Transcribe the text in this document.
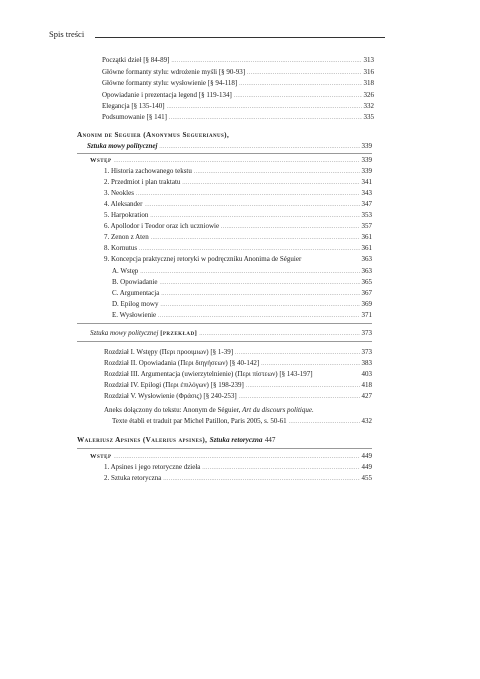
Spis treści
Początki dzieł [§ 84-89] .....	313
Główne formanty stylu: wdrożenie myśli [§ 90-93] .....	316
Główne formanty stylu: wysłowienie [§ 94-118] .....	318
Opowiadanie i prezentacja legend [§ 119-134] .....	326
Elegancja [§ 135-140] .....	332
Podsumowanie [§ 141] .....	335
Anonim de Seguier (Anonymus Seguerianus),
Sztuka mowy politycznej .....	339
Wstęp .....	339
1. Historia zachowanego tekstu .....	339
2. Przedmiot i plan traktatu .....	341
3. Neokles .....	343
4. Aleksander .....	347
5. Harpokration .....	353
6. Apollodor i Teodor oraz ich uczniowie .....	357
7. Zenon z Aten .....	361
8. Kornutus .....	361
9. Koncepcja praktycznej retoryki w podręczniku Anonima de Séguier	363
A. Wstęp .....	363
B. Opowiadanie .....	365
C. Argumentacja .....	367
D. Epilog mowy .....	369
E. Wysłowienie .....	371
Sztuka mowy politycznej [przekład] .....	373
Rozdział I. Wstępy (Περι προοιμιων) [§ 1-39] .....	373
Rozdział II. Opowiadania (Περι διηγήσεων) [§ 40-142] .....	383
Rozdział III. Argumentacja (uwierzytelnienie) (Περι πίστεων) [§ 143-197]	403
Rozdział IV. Epilogi (Περι ἐπιλόγων) [§ 198-239] .....	418
Rozdział V. Wysłowienie (Φράσις) [§ 240-253] .....	427
Aneks dołączony do tekstu: Anonym de Séguier, Art du discours politique.
Texte établi et traduit par Michel Patillon, Paris 2005, s. 50-61 .....	432
Waleriusz Apsines (Valerius apsines), Sztuka retoryczna 447
Wstęp .....	449
1. Apsines i jego retoryczne dzieła .....	449
2. Sztuka retoryczna .....	455
